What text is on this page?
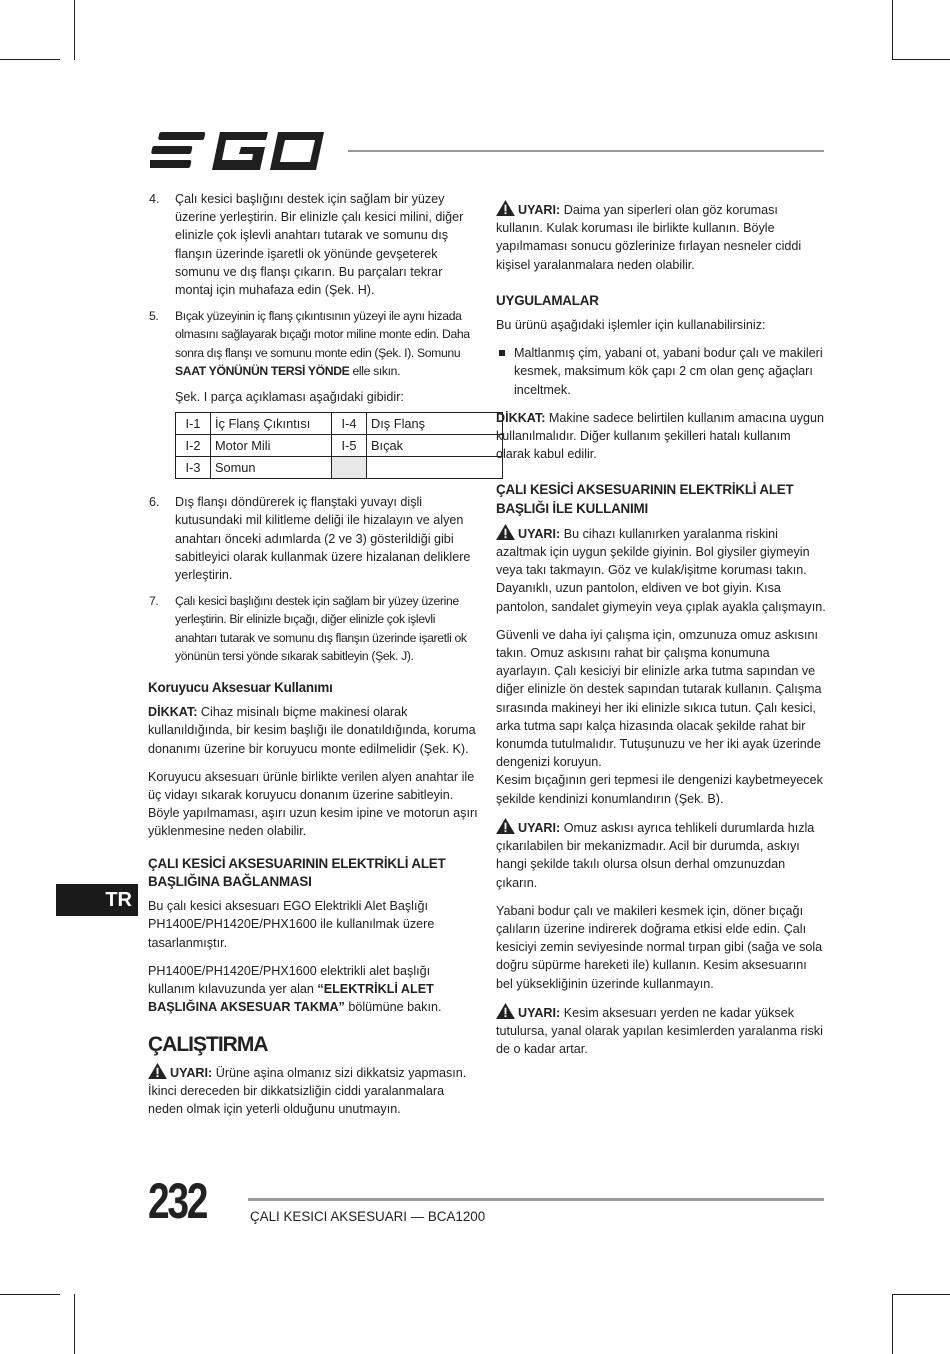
4. Çalı kesici başlığını destek için sağlam bir yüzey üzerine yerleştirin. Bir elinizle çalı kesici milini, diğer elinizle çok işlevli anahtarı tutarak ve somunu dış flanşın üzerinde işaretli ok yönünde gevşeterek somunu ve dış flanşı çıkarın. Bu parçaları tekrar montaj için muhafaza edin (Şek. H).
5. Bıçak yüzeyinin iç flanş çıkıntısının yüzeyi ile aynı hizada olmasını sağlayarak bıçağı motor miline monte edin. Daha sonra dış flanşı ve somunu monte edin (Şek. I). Somunu SAAT YÖNÜNÜN TERSİ YÖNDE elle sıkın.

Şek. I parça açıklaması aşağıdaki gibidir:

I-1	İç Flanş Çıkıntısı	I-4	Dış Flanş
I-2	Motor Mili	I-5	Bıçak
I-3	Somun		
6. Dış flanşı döndürerek iç flanştaki yuvayı dişli kutusundaki mil kilitleme deliği ile hizalayın ve alyen anahtarı önceki adımlarda (2 ve 3) gösterildiği gibi sabitleyici olarak kullanmak üzere hizalanan deliklere yerleştirin.
7. Çalı kesici başlığını destek için sağlam bir yüzey üzerine yerleştirin. Bir elinizle bıçağı, diğer elinizle çok işlevli anahtarı tutarak ve somunu dış flanşın üzerinde işaretli ok yönünün tersi yönde sıkarak sabitleyin (Şek. J).
Koruyucu Aksesuar Kullanımı

DİKKAT: Cihaz misinalı biçme makinesi olarak kullanıldığında, bir kesim başlığı ile donatıldığında, koruma donanımı üzerine bir koruyucu monte edilmelidir (Şek. K).

Koruyucu aksesuarı ürünle birlikte verilen alyen anahtar ile üç vidayı sıkarak koruyucu donanım üzerine sabitleyin. Böyle yapılmaması, aşırı uzun kesim ipine ve motorun aşırı yüklenmesine neden olabilir.

ÇALI KESİCİ AKSESUARININ ELEKTRİKLİ ALET BAŞLIĞINA BAĞLANMASI

Bu çalı kesici aksesuarı EGO Elektrikli Alet Başlığı PH1400E/PH1420E/PHX1600 ile kullanılmak üzere tasarlanmıştır.

PH1400E/PH1420E/PHX1600 elektrikli alet başlığı kullanım kılavuzunda yer alan “ELEKTRİKLİ ALET BAŞLIĞINA AKSESUAR TAKMA” bölümüne bakın.

ÇALIŞTIRMA

UYARI: Ürüne aşina olmanız sizi dikkatsiz yapmasın. İkinci dereceden bir dikkatsizliğin ciddi yaralanmalara neden olmak için yeterli olduğunu unutmayın.

UYARI: Daima yan siperleri olan göz koruması kullanın. Kulak koruması ile birlikte kullanın. Böyle yapılmaması sonucu gözlerinize fırlayan nesneler ciddi kişisel yaralanmalara neden olabilir.

UYGULAMALAR

Bu ürünü aşağıdaki işlemler için kullanabilirsiniz:

Maltlanmış çim, yabani ot, yabani bodur çalı ve makileri kesmek, maksimum kök çapı 2 cm olan genç ağaçları inceltmek.

DİKKAT: Makine sadece belirtilen kullanım amacına uygun kullanılmalıdır. Diğer kullanım şekilleri hatalı kullanım olarak kabul edilir.

ÇALI KESİCİ AKSESUARININ ELEKTRİKLİ ALET BAŞLIĞI İLE KULLANIMI

UYARI: Bu cihazı kullanırken yaralanma riskini azaltmak için uygun şekilde giyinin. Bol giysiler giymeyin veya takı takmayın. Göz ve kulak/işitme koruması takın. Dayanıklı, uzun pantolon, eldiven ve bot giyin. Kısa pantolon, sandalet giymeyin veya çıplak ayakla çalışmayın.

Güvenli ve daha iyi çalışma için, omzunuza omuz askısını takın. Omuz askısını rahat bir çalışma konumuna ayarlayın. Çalı kesiciyi bir elinizle arka tutma sapından ve diğer elinizle ön destek sapından tutarak kullanın. Çalışma sırasında makineyi her iki elinizle sıkıca tutun. Çalı kesici, arka tutma sapı kalça hizasında olacak şekilde rahat bir konumda tutulmalıdır. Tutuşunuzu ve her iki ayak üzerinde dengenizi koruyun.
Kesim bıçağının geri tepmesi ile dengenizi kaybetmeyecek şekilde kendinizi konumlandırın (Şek. B).

UYARI: Omuz askısı ayrıca tehlikeli durumlarda hızla çıkarılabilen bir mekanizmadır. Acil bir durumda, askıyı hangi şekilde takılı olursa olsun derhal omzunuzdan çıkarın.

Yabani bodur çalı ve makileri kesmek için, döner bıçağı çalıların üzerine indirerek doğrama etkisi elde edin. Çalı kesiciyi zemin seviyesinde normal tırpan gibi (sağa ve sola doğru süpürme hareketi ile) kullanın. Kesim aksesuarını bel yüksekliğinin üzerinde kullanmayın.

UYARI: Kesim aksesuarı yerden ne kadar yüksek tutulursa, yanal olarak yapılan kesimlerden yaralanma riski de o kadar artar.

TR
232	ÇALI KESICI AKSESUARI — BCA1200
